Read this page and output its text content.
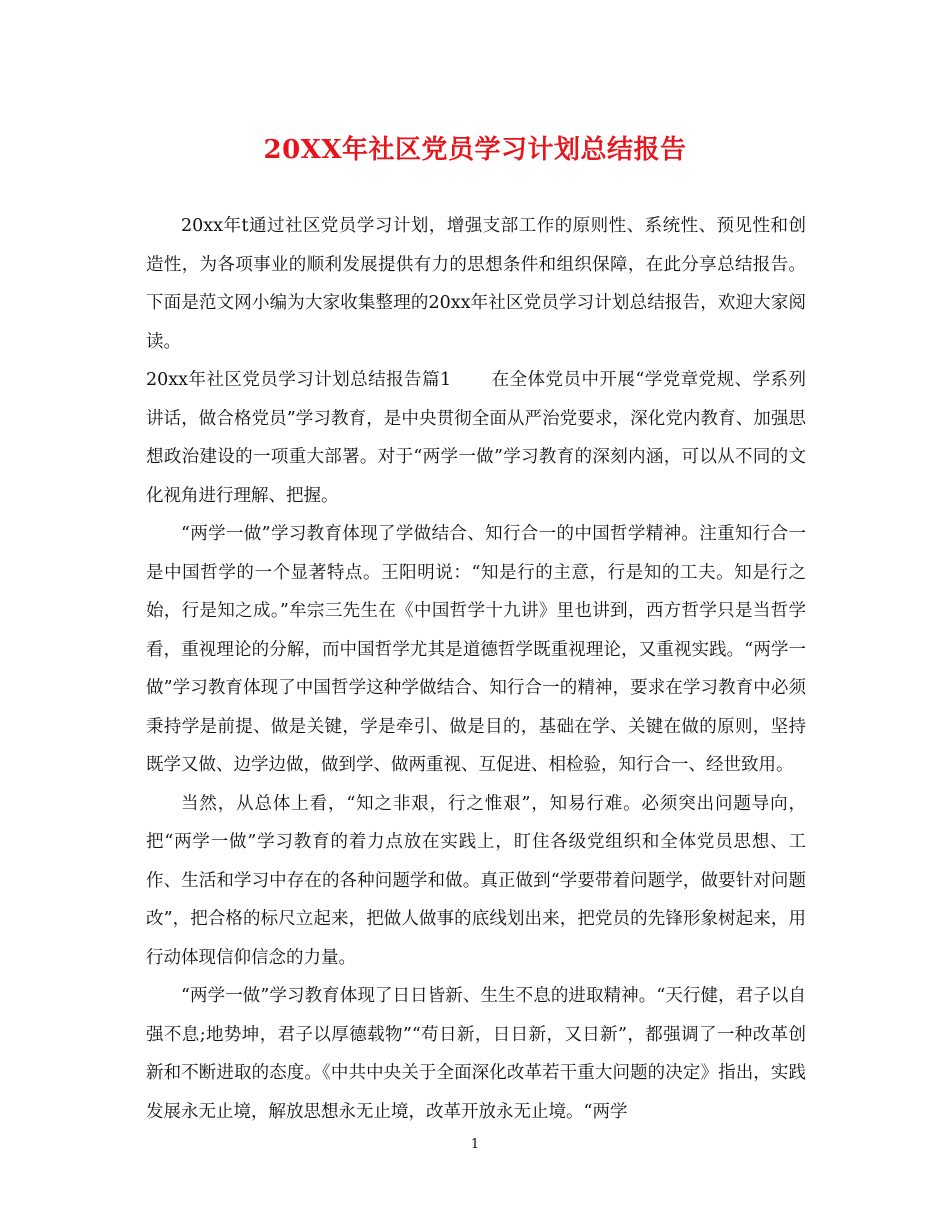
20XX年社区党员学习计划总结报告

20xx年t通过社区党员学习计划，增强支部工作的原则性、系统性、预见性和创造性，为各项事业的顺利发展提供有力的思想条件和组织保障，在此分享总结报告。下面是范文网小编为大家收集整理的20xx年社区党员学习计划总结报告，欢迎大家阅读。

20xx年社区党员学习计划总结报告篇1 在全体党员中开展“学党章党规、学系列讲话，做合格党员”学习教育，是中央贯彻全面从严治党要求，深化党内教育、加强思想政治建设的一项重大部署。对于“两学一做”学习教育的深刻内涵，可以从不同的文化视角进行理解、把握。

“两学一做”学习教育体现了学做结合、知行合一的中国哲学精神。注重知行合一是中国哲学的一个显著特点。王阳明说：“知是行的主意，行是知的工夫。知是行之始，行是知之成。”牟宗三先生在《中国哲学十九讲》里也讲到，西方哲学只是当哲学看，重视理论的分解，而中国哲学尤其是道德哲学既重视理论，又重视实践。“两学一做”学习教育体现了中国哲学这种学做结合、知行合一的精神，要求在学习教育中必须秉持学是前提、做是关键，学是牵引、做是目的，基础在学、关键在做的原则，坚持既学又做、边学边做，做到学、做两重视、互促进、相检验，知行合一、经世致用。

当然，从总体上看，“知之非艰，行之惟艰”，知易行难。必须突出问题导向，把“两学一做”学习教育的着力点放在实践上，盯住各级党组织和全体党员思想、工作、生活和学习中存在的各种问题学和做。真正做到“学要带着问题学，做要针对问题改”，把合格的标尺立起来，把做人做事的底线划出来，把党员的先锋形象树起来，用行动体现信仰信念的力量。

“两学一做”学习教育体现了日日皆新、生生不息的进取精神。“天行健，君子以自强不息;地势坤，君子以厚德载物”“苟日新，日日新，又日新”，都强调了一种改革创新和不断进取的态度。《中共中央关于全面深化改革若干重大问题的决定》指出，实践发展永无止境，解放思想永无止境，改革开放永无止境。“两学

1
